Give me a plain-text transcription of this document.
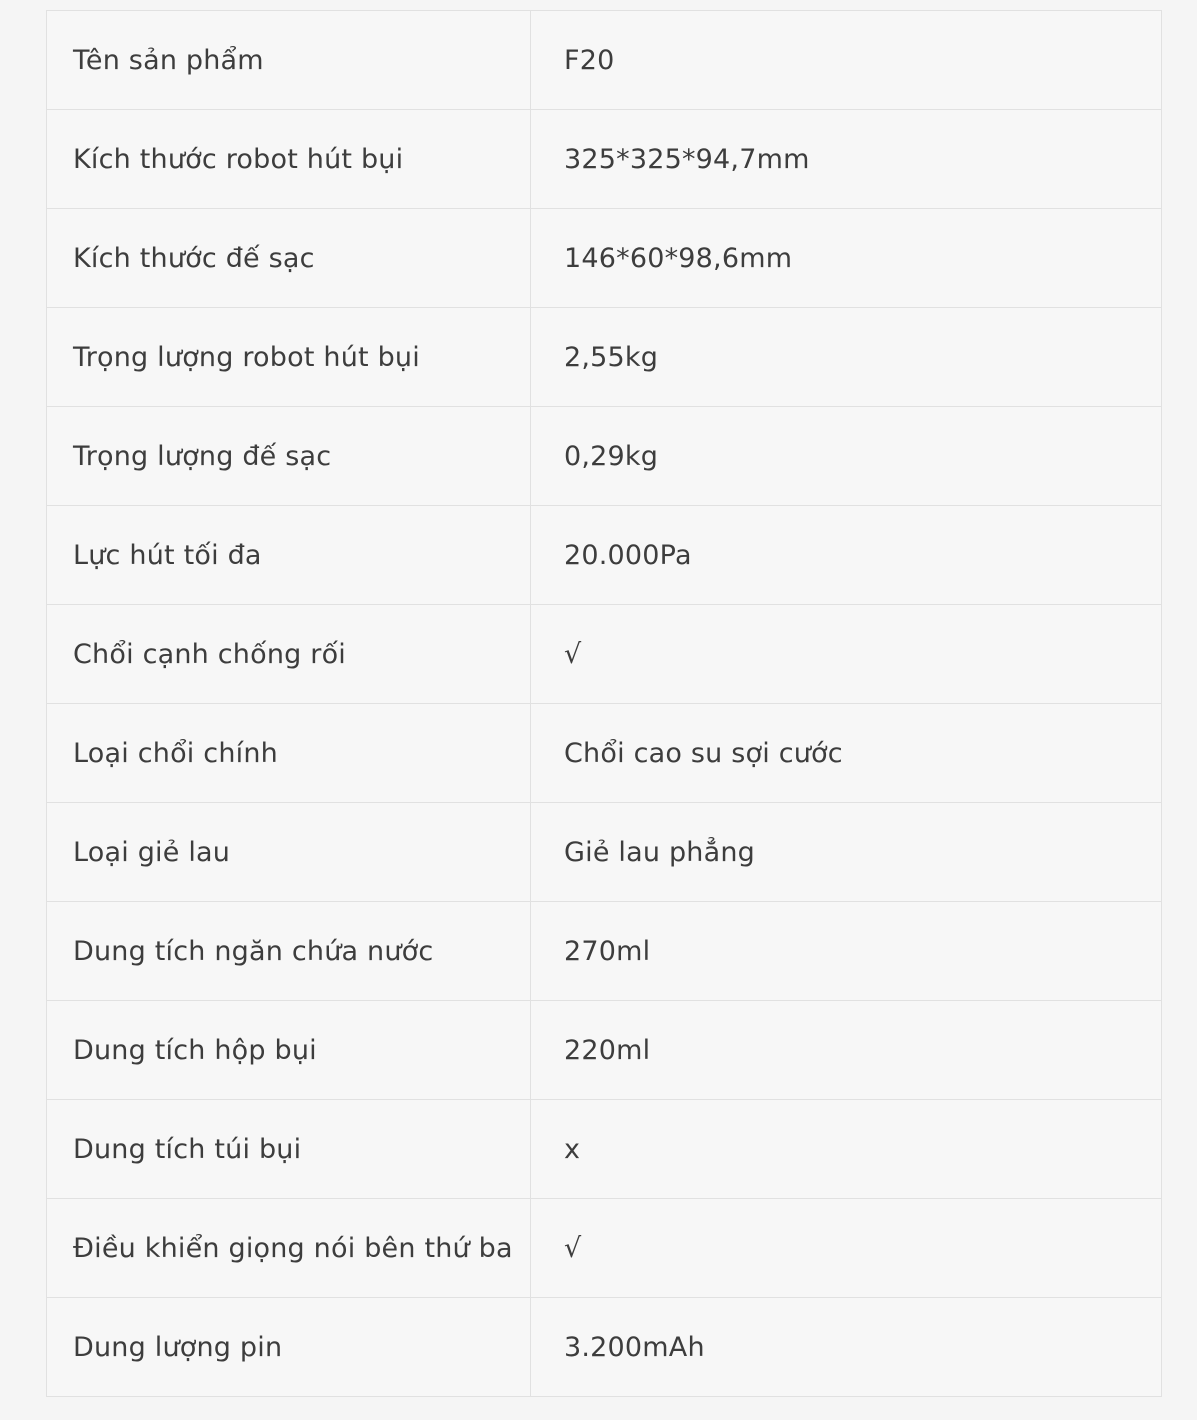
Tên sản phẩm	F20
Kích thước robot hút bụi	325*325*94,7mm
Kích thước đế sạc	146*60*98,6mm
Trọng lượng robot hút bụi	2,55kg
Trọng lượng đế sạc	0,29kg
Lực hút tối đa	20.000Pa
Chổi cạnh chống rối	√
Loại chổi chính	Chổi cao su sợi cước
Loại giẻ lau	Giẻ lau phẳng
Dung tích ngăn chứa nước	270ml
Dung tích hộp bụi	220ml
Dung tích túi bụi	x
Điều khiển giọng nói bên thứ ba	√
Dung lượng pin	3.200mAh
